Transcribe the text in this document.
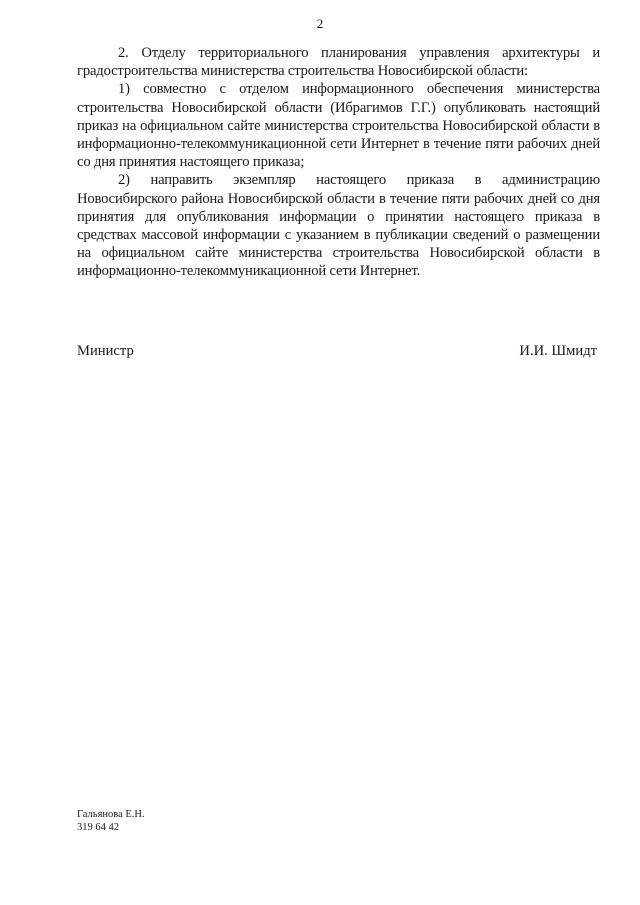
2

2. Отделу территориального планирования управления архитектуры и градостроительства министерства строительства Новосибирской области:

1) совместно с отделом информационного обеспечения министерства строительства Новосибирской области (Ибрагимов Г.Г.) опубликовать настоящий приказ на официальном сайте министерства строительства Новосибирской области в информационно-телекоммуникационной сети Интернет в течение пяти рабочих дней со дня принятия настоящего приказа;

2) направить экземпляр настоящего приказа в администрацию Новосибирского района Новосибирской области в течение пяти рабочих дней со дня принятия для опубликования информации о принятии настоящего приказа в средствах массовой информации с указанием в публикации сведений о размещении на официальном сайте министерства строительства Новосибирской области в информационно-телекоммуникационной сети Интернет.

Министр	И.И. Шмидт
Гальянова Е.Н.
319 64 42
